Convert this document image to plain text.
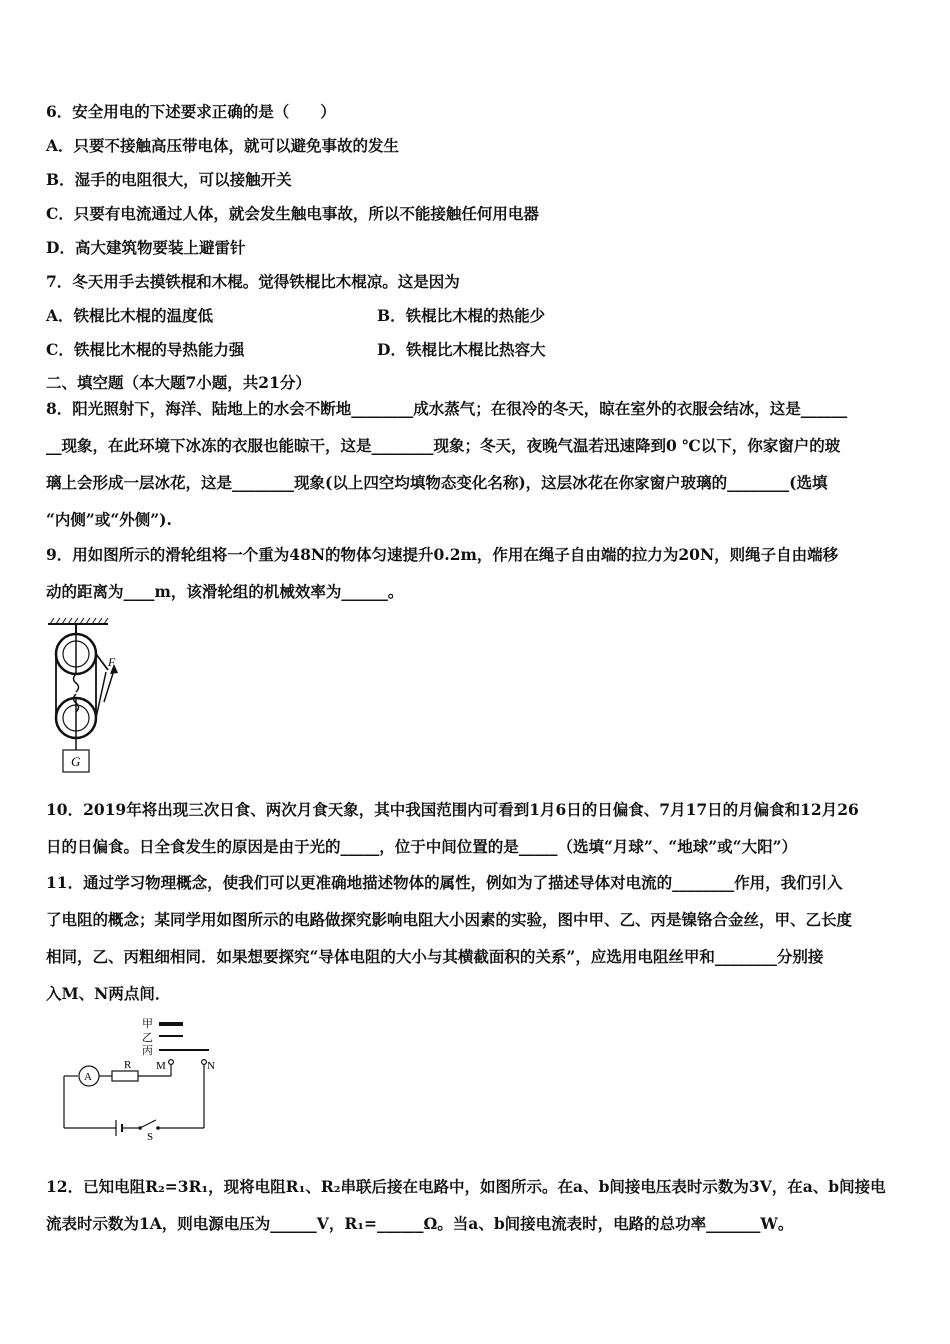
6．安全用电的下述要求正确的是（　　）
A．只要不接触高压带电体，就可以避免事故的发生
B．湿手的电阻很大，可以接触开关
C．只要有电流通过人体，就会发生触电事故，所以不能接触任何用电器
D．高大建筑物要装上避雷针
7．冬天用手去摸铁棍和木棍。觉得铁棍比木棍凉。这是因为
A．铁棍比木棍的温度低	B．铁棍比木棍的热能少
C．铁棍比木棍的导热能力强	D．铁棍比木棍比热容大
二、填空题（本大题7小题，共21分）
8．阳光照射下，海洋、陆地上的水会不断地________成水蒸气；在很冷的冬天，晾在室外的衣服会结冰，这是______
__现象，在此环境下冰冻的衣服也能晾干，这是________现象；冬天，夜晚气温若迅速降到0 ℃以下，你家窗户的玻
璃上会形成一层冰花，这是________现象(以上四空均填物态变化名称)，这层冰花在你家窗户玻璃的________(选填
“内侧”或“外侧”).
9．用如图所示的滑轮组将一个重为48N的物体匀速提升0.2m，作用在绳子自由端的拉力为20N，则绳子自由端移
动的距离为____m，该滑轮组的机械效率为______。
F
G
10．2019年将出现三次日食、两次月食天象，其中我国范围内可看到1月6日的日偏食、7月17日的月偏食和12月26
日的日偏食。日全食发生的原因是由于光的_____，位于中间位置的是_____（选填“月球”、“地球”或“大阳”）
11．通过学习物理概念，使我们可以更准确地描述物体的属性，例如为了描述导体对电流的________作用，我们引入
了电阻的概念；某同学用如图所示的电路做探究影响电阻大小因素的实验，图中甲、乙、丙是镍铬合金丝，甲、乙长度
相同，乙、丙粗细相同．如果想要探究“导体电阻的大小与其横截面积的关系”，应选用电阻丝甲和________分别接
入M、N两点间．
甲
乙
丙
A
R M	N
S
12．已知电阻R₂=3R₁，现将电阻R₁、R₂串联后接在电路中，如图所示。在a、b间接电压表时示数为3V，在a、b间接电
流表时示数为1A，则电源电压为______V，R₁=______Ω。当a、b间接电流表时，电路的总功率_______W。
